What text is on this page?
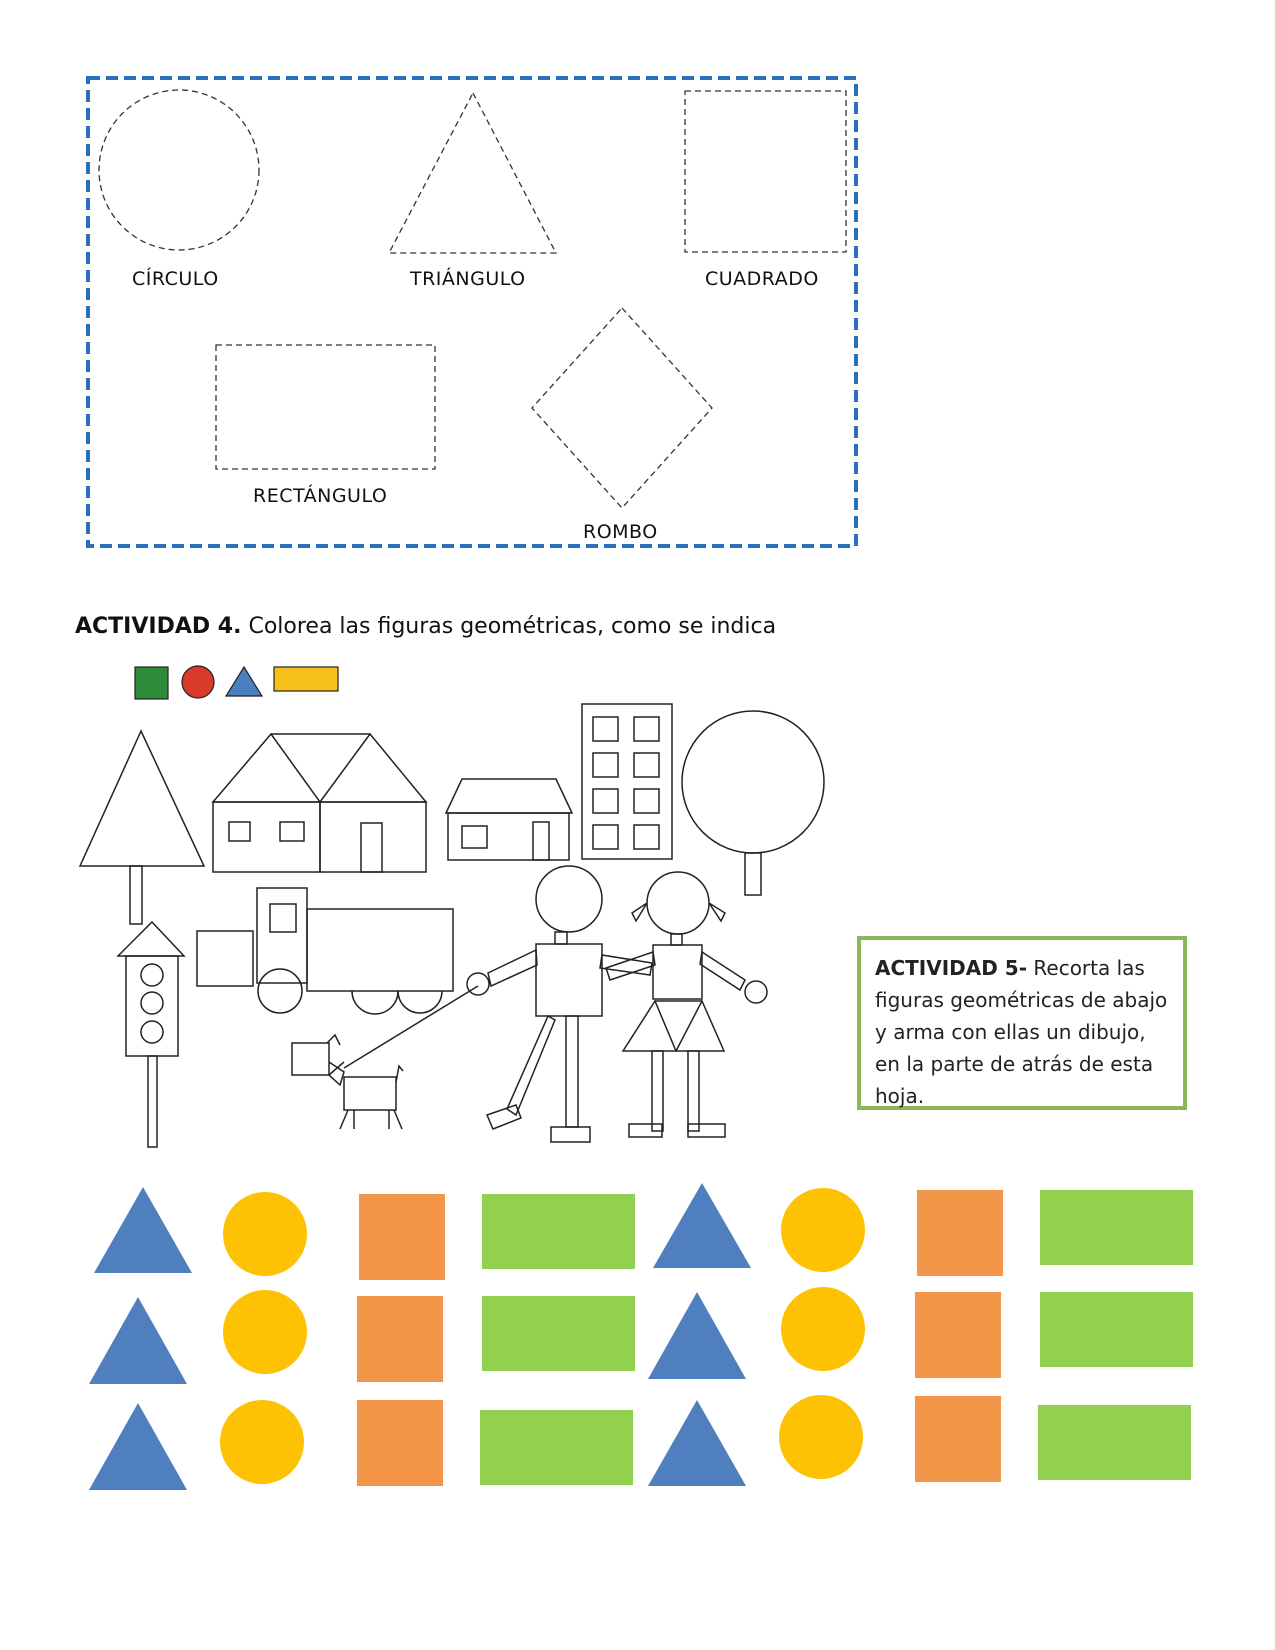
CÍRCULO	TRIÁNGULO	CUADRADO
RECTÁNGULO
ROMBO
ACTIVIDAD 4. Colorea las figuras geométricas, como se indica
ACTIVIDAD 5- Recorta las figuras geométricas de abajo y arma con ellas un dibujo, en la parte de atrás de esta hoja.
